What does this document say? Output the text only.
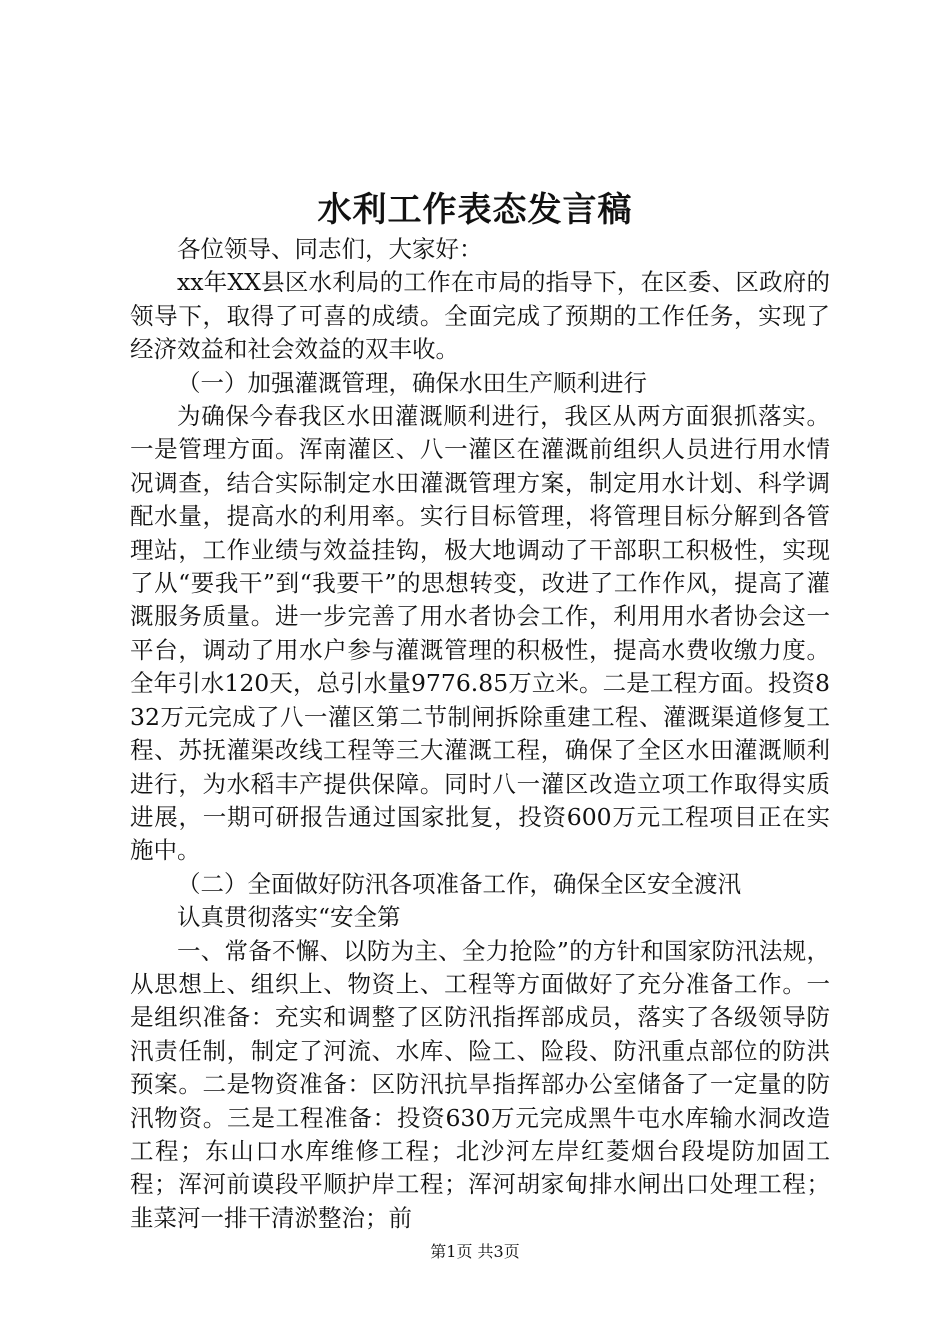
水利工作表态发言稿

各位领导、同志们，大家好：

xx年XX县区水利局的工作在市局的指导下，在区委、区政府的领导下，取得了可喜的成绩。全面完成了预期的工作任务，实现了经济效益和社会效益的双丰收。

（一）加强灌溉管理，确保水田生产顺利进行

为确保今春我区水田灌溉顺利进行，我区从两方面狠抓落实。一是管理方面。浑南灌区、八一灌区在灌溉前组织人员进行用水情况调查，结合实际制定水田灌溉管理方案，制定用水计划、科学调配水量，提高水的利用率。实行目标管理，将管理目标分解到各管理站，工作业绩与效益挂钩，极大地调动了干部职工积极性，实现了从“要我干”到“我要干”的思想转变，改进了工作作风，提高了灌溉服务质量。进一步完善了用水者协会工作，利用用水者协会这一平台，调动了用水户参与灌溉管理的积极性，提高水费收缴力度。全年引水120天，总引水量9776.85万立米。二是工程方面。投资832万元完成了八一灌区第二节制闸拆除重建工程、灌溉渠道修复工程、苏抚灌渠改线工程等三大灌溉工程，确保了全区水田灌溉顺利进行，为水稻丰产提供保障。同时八一灌区改造立项工作取得实质进展，一期可研报告通过国家批复，投资600万元工程项目正在实施中。

（二）全面做好防汛各项准备工作，确保全区安全渡汛

认真贯彻落实“安全第

一、常备不懈、以防为主、全力抢险”的方针和国家防汛法规，从思想上、组织上、物资上、工程等方面做好了充分准备工作。一是组织准备：充实和调整了区防汛指挥部成员，落实了各级领导防汛责任制，制定了河流、水库、险工、险段、防汛重点部位的防洪预案。二是物资准备：区防汛抗旱指挥部办公室储备了一定量的防汛物资。三是工程准备：投资630万元完成黑牛屯水库输水洞改造工程；东山口水库维修工程；北沙河左岸红菱烟台段堤防加固工程；浑河前谟段平顺护岸工程；浑河胡家甸排水闸出口处理工程；韭菜河一排干清淤整治；前

第1页 共3页
